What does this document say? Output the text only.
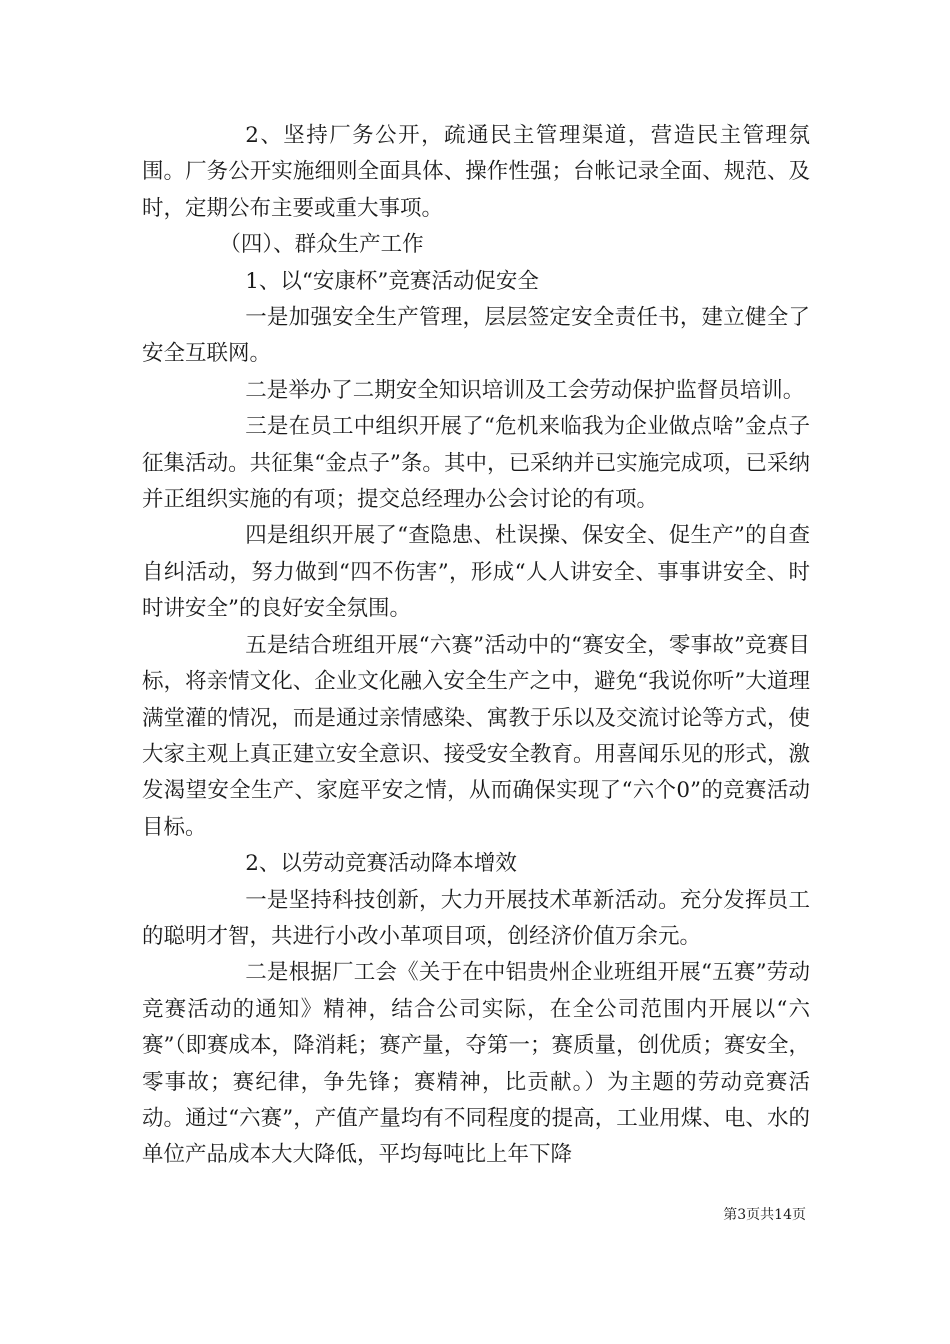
2、坚持厂务公开，疏通民主管理渠道，营造民主管理氛围。厂务公开实施细则全面具体、操作性强；台帐记录全面、规范、及时，定期公布主要或重大事项。

（四）、群众生产工作

1、以“安康杯”竞赛活动促安全

一是加强安全生产管理，层层签定安全责任书，建立健全了安全互联网。

二是举办了二期安全知识培训及工会劳动保护监督员培训。

三是在员工中组织开展了“危机来临我为企业做点啥”金点子征集活动。共征集“金点子”条。其中，已采纳并已实施完成项，已采纳并正组织实施的有项；提交总经理办公会讨论的有项。

四是组织开展了“查隐患、杜误操、保安全、促生产”的自查自纠活动，努力做到“四不伤害”，形成“人人讲安全、事事讲安全、时时讲安全”的良好安全氛围。

五是结合班组开展“六赛”活动中的“赛安全，零事故”竞赛目标，将亲情文化、企业文化融入安全生产之中，避免“我说你听”大道理满堂灌的情况，而是通过亲情感染、寓教于乐以及交流讨论等方式，使大家主观上真正建立安全意识、接受安全教育。用喜闻乐见的形式，激发渴望安全生产、家庭平安之情，从而确保实现了“六个0”的竞赛活动目标。

2、以劳动竞赛活动降本增效

一是坚持科技创新，大力开展技术革新活动。充分发挥员工的聪明才智，共进行小改小革项目项，创经济价值万余元。

二是根据厂工会《关于在中铝贵州企业班组开展“五赛”劳动竞赛活动的通知》精神，结合公司实际，在全公司范围内开展以“六赛”（即赛成本，降消耗；赛产量，夺第一；赛质量，创优质；赛安全，零事故；赛纪律，争先锋；赛精神，比贡献。）为主题的劳动竞赛活动。通过“六赛”，产值产量均有不同程度的提高，工业用煤、电、水的单位产品成本大大降低，平均每吨比上年下降

第3页共14页
